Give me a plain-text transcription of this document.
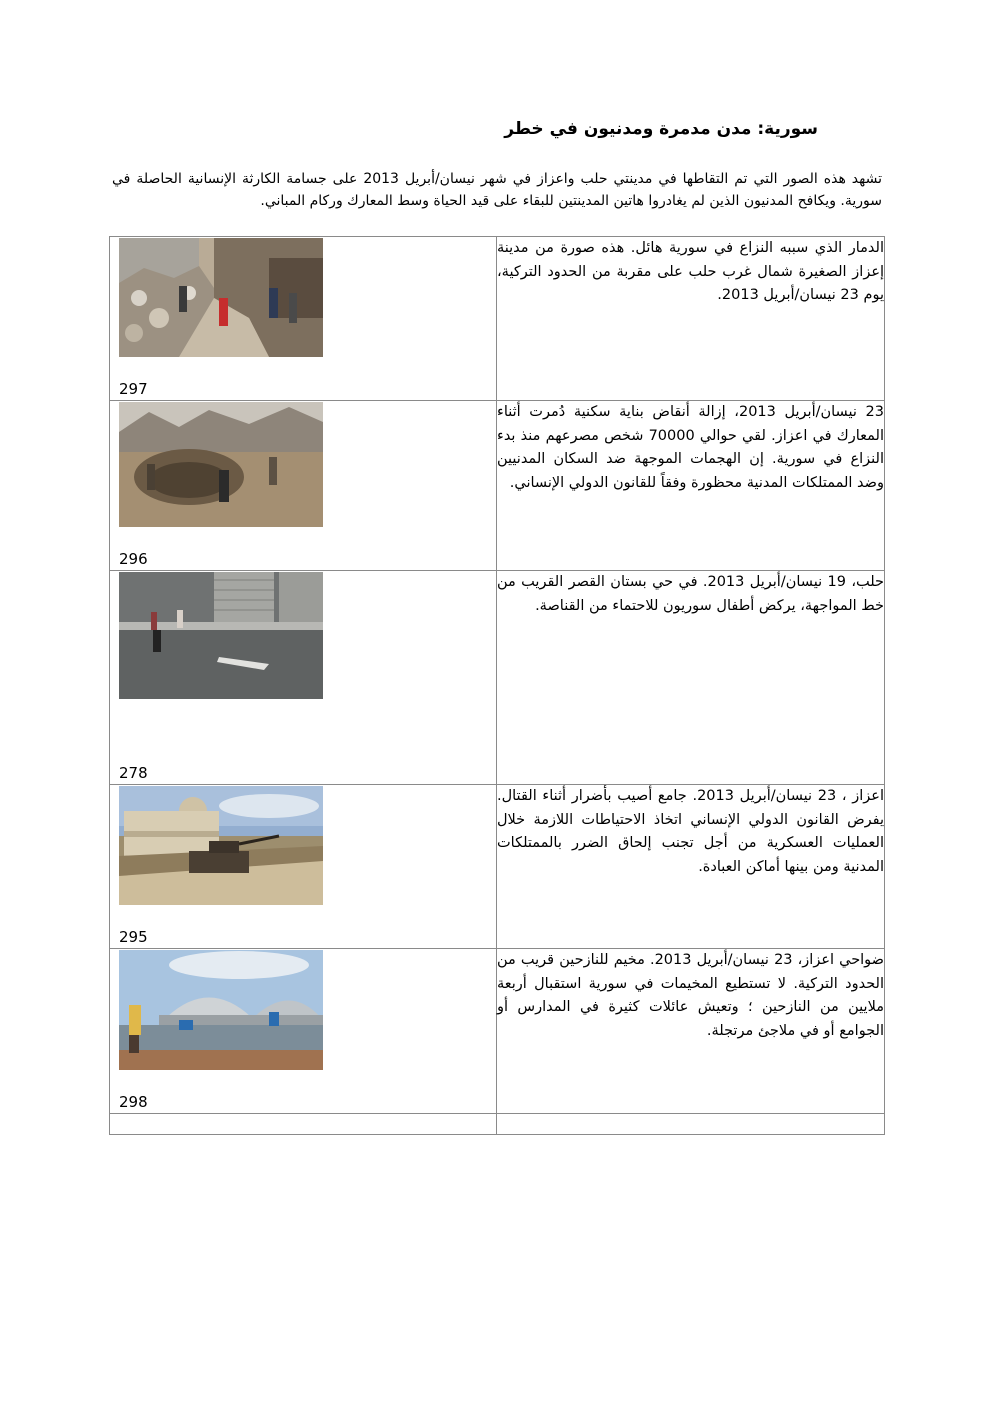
سورية: مدن مدمرة ومدنيون في خطر
تشهد هذه الصور التي تم التقاطها في مدينتي حلب واعزاز في شهر نيسان/أبريل 2013 على جسامة الكارثة الإنسانية الحاصلة في سورية. ويكافح المدنيون الذين لم يغادروا هاتين المدينتين للبقاء على قيد الحياة وسط المعارك وركام المباني.
297	الدمار الذي سببه النزاع في سورية هائل. هذه صورة من مدينة إعزاز الصغيرة شمال غرب حلب على مقربة من الحدود التركية، يوم 23 نيسان/أبريل 2013.

296	23 نيسان/أبريل 2013، إزالة أنقاض بناية سكنية دُمرت أثناء المعارك في اعزاز. لقي حوالي 70000 شخص مصرعهم منذ بدء النزاع في سورية. إن الهجمات الموجهة ضد السكان المدنيين وضد الممتلكات المدنية محظورة وفقاً للقانون الدولي الإنساني.

278	حلب، 19 نيسان/أبريل 2013. في حي بستان القصر القريب من خط المواجهة، يركض أطفال سوريون للاحتماء من القناصة.

295	اعزاز ، 23 نيسان/أبريل 2013. جامع أصيب بأضرار أثناء القتال. يفرض القانون الدولي الإنساني اتخاذ الاحتياطات اللازمة خلال العمليات العسكرية من أجل تجنب إلحاق الضرر بالممتلكات المدنية ومن بينها أماكن العبادة.

298	ضواحي اعزاز، 23 نيسان/أبريل 2013. مخيم للنازحين قريب من الحدود التركية. لا تستطيع المخيمات في سورية استقبال أربعة ملايين من النازحين ؛ وتعيش عائلات كثيرة في المدارس أو الجوامع أو في ملاجئ مرتجلة.
